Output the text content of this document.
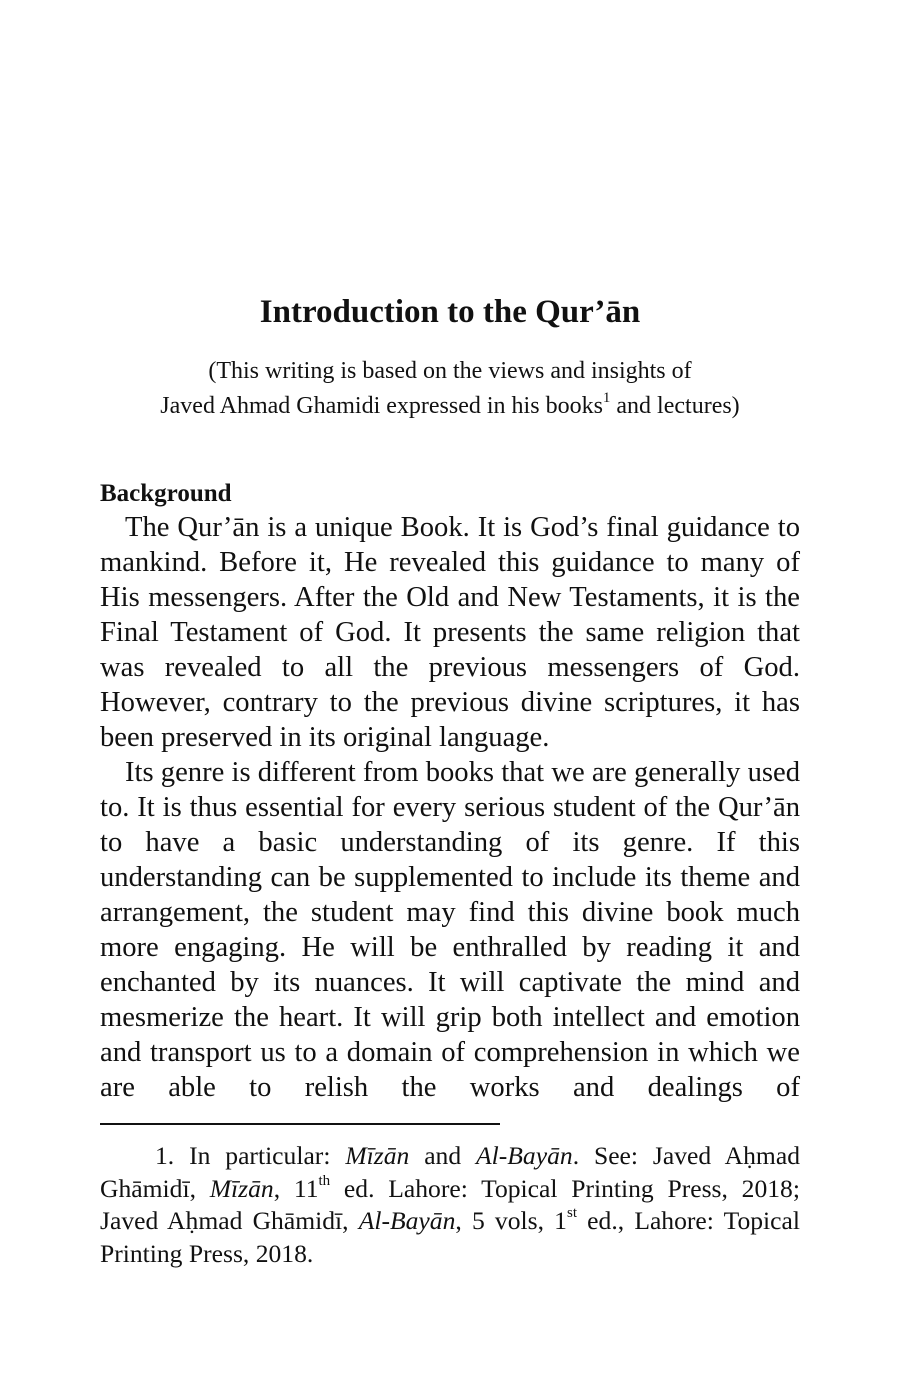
Introduction to the Qur’ān
(This writing is based on the views and insights of
Javed Ahmad Ghamidi expressed in his books$^1$ and lectures)
Background

The Qur’ān is a unique Book. It is God’s final guidance to mankind. Before it, He revealed this guidance to many of His messengers. After the Old and New Testaments, it is the Final Testament of God. It presents the same religion that was revealed to all the previous messengers of God. However, contrary to the previous divine scriptures, it has been preserved in its original language.

Its genre is different from books that we are generally used to. It is thus essential for every serious student of the Qur’ān to have a basic understanding of its genre. If this understanding can be supplemented to include its theme and arrangement, the student may find this divine book much more engaging. He will be enthralled by reading it and enchanted by its nuances. It will captivate the mind and mesmerize the heart. It will grip both intellect and emotion and transport us to a domain of comprehension in which we are able to relish the works and dealings of

1. In particular: Mīzān and Al-Bayān. See: Javed Aḥmad Ghāmidī, Mīzān, 11th ed. Lahore: Topical Printing Press, 2018; Javed Aḥmad Ghāmidī, Al-Bayān, 5 vols, 1st ed., Lahore: Topical Printing Press, 2018.
